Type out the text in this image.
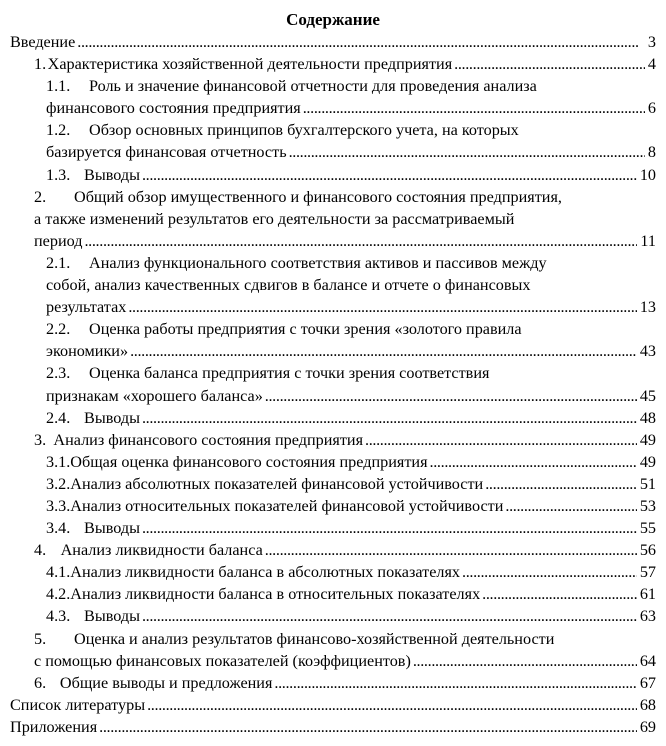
Содержание
Введение . . .	3
1. Характеристика хозяйственной деятельности предприятия . . .	4
1.1.	Роль и значение финансовой отчетности для проведения анализа
финансового состояния предприятия . . .	6
1.2.	Обзор основных принципов бухгалтерского учета, на которых
базируется финансовая отчетность . . .	8
1.3. Выводы . . .	10
2.	Общий обзор имущественного и финансового состояния предприятия,
а также изменений результатов его деятельности за рассматриваемый
период . . .	11
2.1.	Анализ функционального соответствия активов и пассивов между
собой, анализ качественных сдвигов в балансе и отчете о финансовых
результатах . . .	13
2.2.	Оценка работы предприятия с точки зрения «золотого правила
экономики» . . .	43
2.3.	Оценка баланса предприятия с точки зрения соответствия
признакам «хорошего баланса» . . .	45
2.4. Выводы . . .	48
3. Анализ финансового состояния предприятия . . .	49
3.1. Общая оценка финансового состояния предприятия . . .	49
3.2. Анализ абсолютных показателей финансовой устойчивости . . .	51
3.3. Анализ относительных показателей финансовой устойчивости . . .	53
3.4. Выводы . . .	55
4. Анализ ликвидности баланса . . .	56
4.1. Анализ ликвидности баланса в абсолютных показателях . . .	57
4.2. Анализ ликвидности баланса в относительных показателях . . .	61
4.3. Выводы . . .	63
5.	Оценка и анализ результатов финансово-хозяйственной деятельности
с помощью финансовых показателей (коэффициентов) . . .	64
6. Общие выводы и предложения . . .	67
Список литературы . . .	68
Приложения . . .	69
